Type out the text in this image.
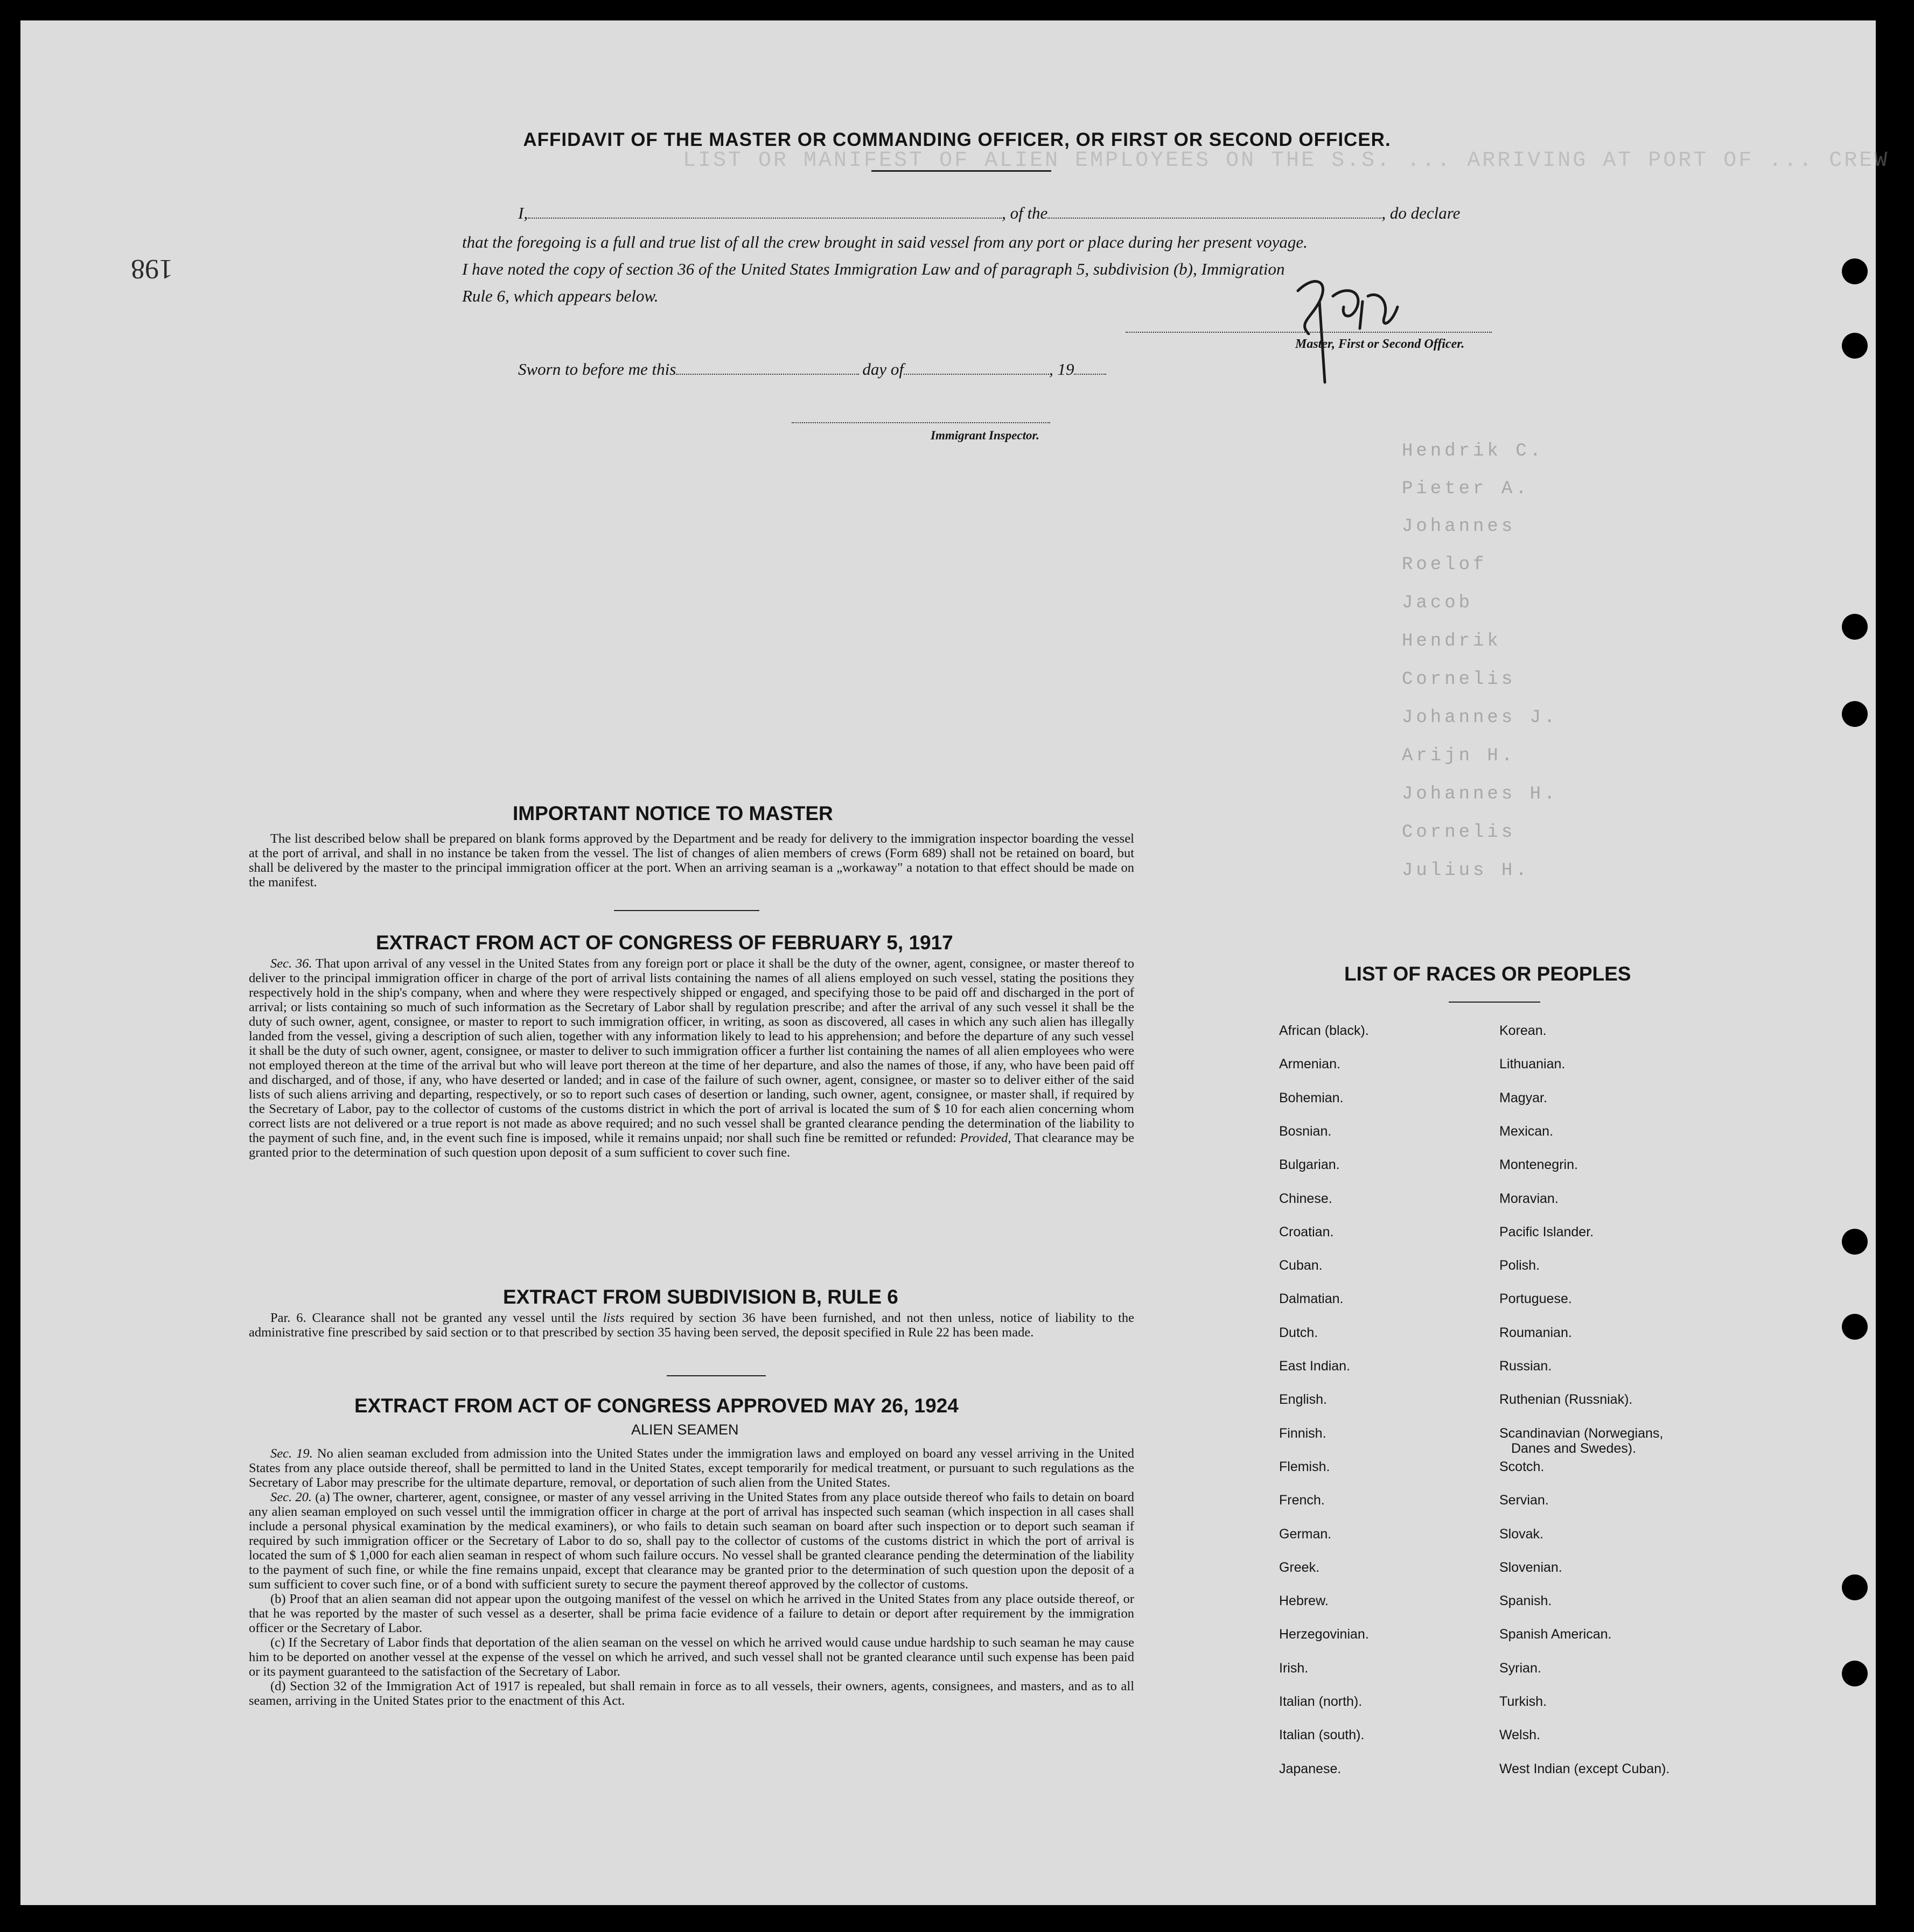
LIST OR MANIFEST OF ALIEN EMPLOYEES ON THE S.S. ... ARRIVING AT PORT OF ... CREW
Hendrik C.
Pieter A.
Johannes
Roelof
Jacob
Hendrik
Cornelis
Johannes J.
Arijn H.
Johannes H.
Cornelis
Julius H.
198
AFFIDAVIT OF THE MASTER OR COMMANDING OFFICER, OR FIRST OR SECOND OFFICER.
I,	, of the	, do declare
that the foregoing is a full and true list of all the crew brought in said vessel from any port or place during her present voyage.
I have noted the copy of section 36 of the United States Immigration Law and of paragraph 5, subdivision (b), Immigration
Rule 6, which appears below.
Master, First or Second Officer.
Sworn to before me this	day of	, 19
Immigrant Inspector.
IMPORTANT NOTICE TO MASTER

The list described below shall be prepared on blank forms approved by the Department and be ready for delivery to the immigration inspector boarding the vessel at the port of arrival, and shall in no instance be taken from the vessel. The list of changes of alien members of crews (Form 689) shall not be retained on board, but shall be delivered by the master to the principal immigration officer at the port. When an arriving seaman is a „workaway" a notation to that effect should be made on the manifest.

EXTRACT FROM ACT OF CONGRESS OF FEBRUARY 5, 1917

Sec. 36. That upon arrival of any vessel in the United States from any foreign port or place it shall be the duty of the owner, agent, consignee, or master thereof to deliver to the principal immigration officer in charge of the port of arrival lists containing the names of all aliens employed on such vessel, stating the positions they respectively hold in the ship's company, when and where they were respectively shipped or engaged, and specifying those to be paid off and discharged in the port of arrival; or lists containing so much of such information as the Secretary of Labor shall by regulation prescribe; and after the arrival of any such vessel it shall be the duty of such owner, agent, consignee, or master to report to such immigration officer, in writing, as soon as discovered, all cases in which any such alien has illegally landed from the vessel, giving a description of such alien, together with any information likely to lead to his apprehension; and before the departure of any such vessel it shall be the duty of such owner, agent, consignee, or master to deliver to such immigration officer a further list containing the names of all alien employees who were not employed thereon at the time of the arrival but who will leave port thereon at the time of her departure, and also the names of those, if any, who have been paid off and discharged, and of those, if any, who have deserted or landed; and in case of the failure of such owner, agent, consignee, or master so to deliver either of the said lists of such aliens arriving and departing, respectively, or so to report such cases of desertion or landing, such owner, agent, consignee, or master shall, if required by the Secretary of Labor, pay to the collector of customs of the customs district in which the port of arrival is located the sum of $ 10 for each alien concerning whom correct lists are not delivered or a true report is not made as above required; and no such vessel shall be granted clearance pending the determination of the liability to the payment of such fine, and, in the event such fine is imposed, while it remains unpaid; nor shall such fine be remitted or refunded: Provided, That clearance may be granted prior to the determination of such question upon deposit of a sum sufficient to cover such fine.

EXTRACT FROM SUBDIVISION B, RULE 6

Par. 6. Clearance shall not be granted any vessel until the lists required by section 36 have been furnished, and not then unless, notice of liability to the administrative fine prescribed by said section or to that prescribed by section 35 having been served, the deposit specified in Rule 22 has been made.

EXTRACT FROM ACT OF CONGRESS APPROVED MAY 26, 1924
ALIEN SEAMEN

Sec. 19. No alien seaman excluded from admission into the United States under the immigration laws and employed on board any vessel arriving in the United States from any place outside thereof, shall be permitted to land in the United States, except temporarily for medical treatment, or pursuant to such regulations as the Secretary of Labor may prescribe for the ultimate departure, removal, or deportation of such alien from the United States.

Sec. 20. (a) The owner, charterer, agent, consignee, or master of any vessel arriving in the United States from any place outside thereof who fails to detain on board any alien seaman employed on such vessel until the immigration officer in charge at the port of arrival has inspected such seaman (which inspection in all cases shall include a personal physical examination by the medical examiners), or who fails to detain such seaman on board after such inspection or to deport such seaman if required by such immigration officer or the Secretary of Labor to do so, shall pay to the collector of customs of the customs district in which the port of arrival is located the sum of $ 1,000 for each alien seaman in respect of whom such failure occurs. No vessel shall be granted clearance pending the determination of the liability to the payment of such fine, or while the fine remains unpaid, except that clearance may be granted prior to the determination of such question upon the deposit of a sum sufficient to cover such fine, or of a bond with sufficient surety to secure the payment thereof approved by the collector of customs.

(b) Proof that an alien seaman did not appear upon the outgoing manifest of the vessel on which he arrived in the United States from any place outside thereof, or that he was reported by the master of such vessel as a deserter, shall be prima facie evidence of a failure to detain or deport after requirement by the immigration officer or the Secretary of Labor.

(c) If the Secretary of Labor finds that deportation of the alien seaman on the vessel on which he arrived would cause undue hardship to such seaman he may cause him to be deported on another vessel at the expense of the vessel on which he arrived, and such vessel shall not be granted clearance until such expense has been paid or its payment guaranteed to the satisfaction of the Secretary of Labor.

(d) Section 32 of the Immigration Act of 1917 is repealed, but shall remain in force as to all vessels, their owners, agents, consignees, and masters, and as to all seamen, arriving in the United States prior to the enactment of this Act.

LIST OF RACES OR PEOPLES
African (black).
Armenian.
Bohemian.
Bosnian.
Bulgarian.
Chinese.
Croatian.
Cuban.
Dalmatian.
Dutch.
East Indian.
English.
Finnish.
Flemish.
French.
German.
Greek.
Hebrew.
Herzegovinian.
Irish.
Italian (north).
Italian (south).
Japanese.
Korean.
Lithuanian.
Magyar.
Mexican.
Montenegrin.
Moravian.
Pacific Islander.
Polish.
Portuguese.
Roumanian.
Russian.
Ruthenian (Russniak).
Scandinavian (Norwegians,
Danes and Swedes).
Scotch.
Servian.
Slovak.
Slovenian.
Spanish.
Spanish American.
Syrian.
Turkish.
Welsh.
West Indian (except Cuban).
